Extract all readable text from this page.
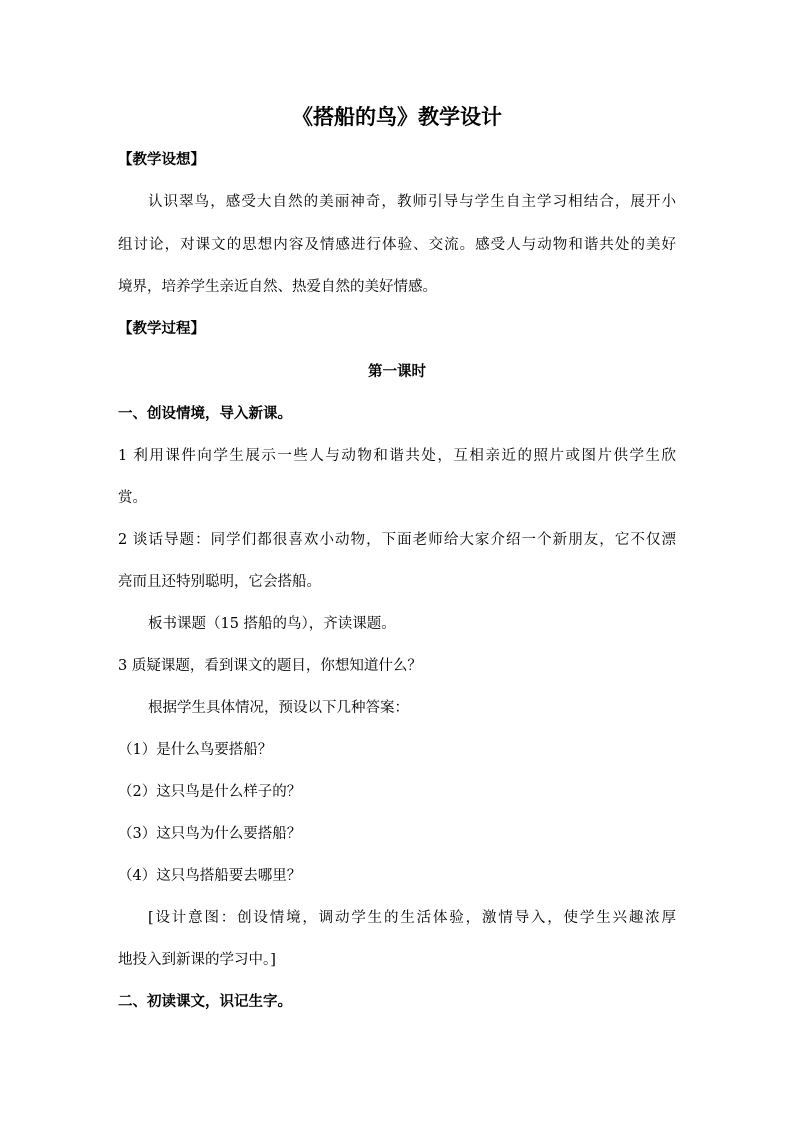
《搭船的鸟》教学设计
【教学设想】
认识翠鸟，感受大自然的美丽神奇，教师引导与学生自主学习相结合，展开小
组讨论，对课文的思想内容及情感进行体验、交流。感受人与动物和谐共处的美好
境界，培养学生亲近自然、热爱自然的美好情感。
【教学过程】
第一课时
一、创设情境，导入新课。
1 利用课件向学生展示一些人与动物和谐共处，互相亲近的照片或图片供学生欣
赏。
2 谈话导题：同学们都很喜欢小动物，下面老师给大家介绍一个新朋友，它不仅漂
亮而且还特别聪明，它会搭船。
板书课题（15 搭船的鸟），齐读课题。
3 质疑课题，看到课文的题目，你想知道什么？
根据学生具体情况，预设以下几种答案：
（1）是什么鸟要搭船？
（2）这只鸟是什么样子的？
（3）这只鸟为什么要搭船？
（4）这只鸟搭船要去哪里？
[设计意图：创设情境，调动学生的生活体验，激情导入，使学生兴趣浓厚
地投入到新课的学习中。]
二、初读课文，识记生字。
